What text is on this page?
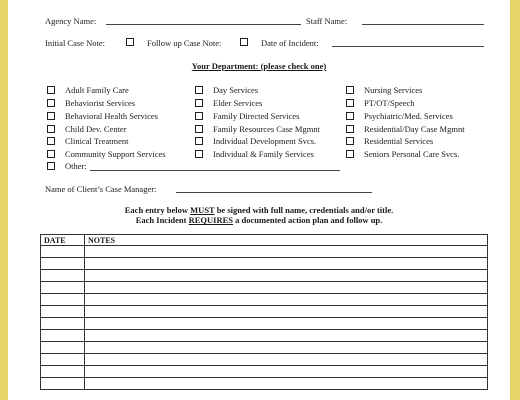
Agency Name:	Staff Name:
Initial Case Note:	Follow up Case Note:	Date of Incident:
Your Department: (please check one)
Adult Family Care
Behaviorist Services
Behavioral Health Services
Child Dev. Center
Clinical Treatment
Community Support Services
Other:
Day Services
Elder Services
Family Directed Services
Family Resources Case Mgmnt
Individual Development Svcs.
Individual & Family Services
Nursing Services
PT/OT/Speech
Psychiatric/Med. Services
Residential/Day Case Mgmnt
Residential Services
Seniors Personal Care Svcs.
Name of Client’s Case Manager:
Each entry below MUST be signed with full name, credentials and/or title.
Each Incident REQUIRES a documented action plan and follow up.
DATE	NOTES
